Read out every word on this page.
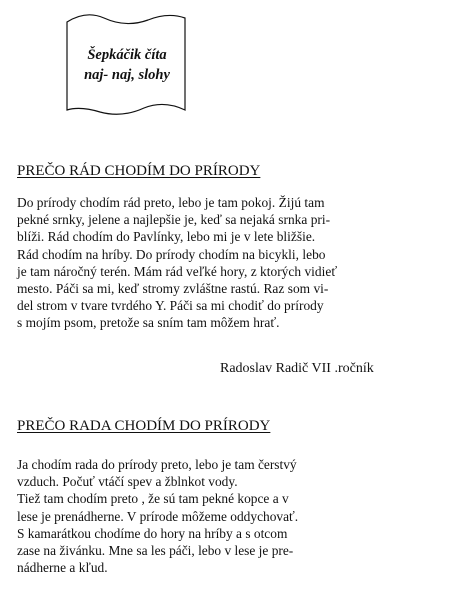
Šepkáčik číta
naj- naj, slohy
PREČO RÁD CHODÍM DO PRÍRODY
Do prírody chodím rád preto, lebo je tam pokoj. Žijú tam
pekné srnky, jelene a najlepšie je, keď sa nejaká srnka pri-
blíži. Rád chodím do Pavlínky, lebo mi je v lete bližšie.
Rád chodím na hríby. Do prírody chodím na bicykli, lebo
je tam náročný terén. Mám rád veľké hory, z ktorých vidieť
mesto. Páči sa mi, keď stromy zvláštne rastú. Raz som vi-
del strom v tvare tvrdého Y. Páči sa mi chodiť do prírody
s mojím psom, pretože sa sním tam môžem hrať.
Radoslav Radič VII .ročník
PREČO RADA CHODÍM DO PRÍRODY
Ja chodím rada do prírody preto, lebo je tam čerstvý
vzduch. Počuť vtáčí spev a žblnkot vody.
Tiež tam chodím preto , že sú tam pekné kopce a v
lese je prenádherne. V prírode môžeme oddychovať.
S kamarátkou chodíme do hory na hríby a s otcom
zase na živánku. Mne sa les páči, lebo v lese je pre-
nádherne a kľud.
